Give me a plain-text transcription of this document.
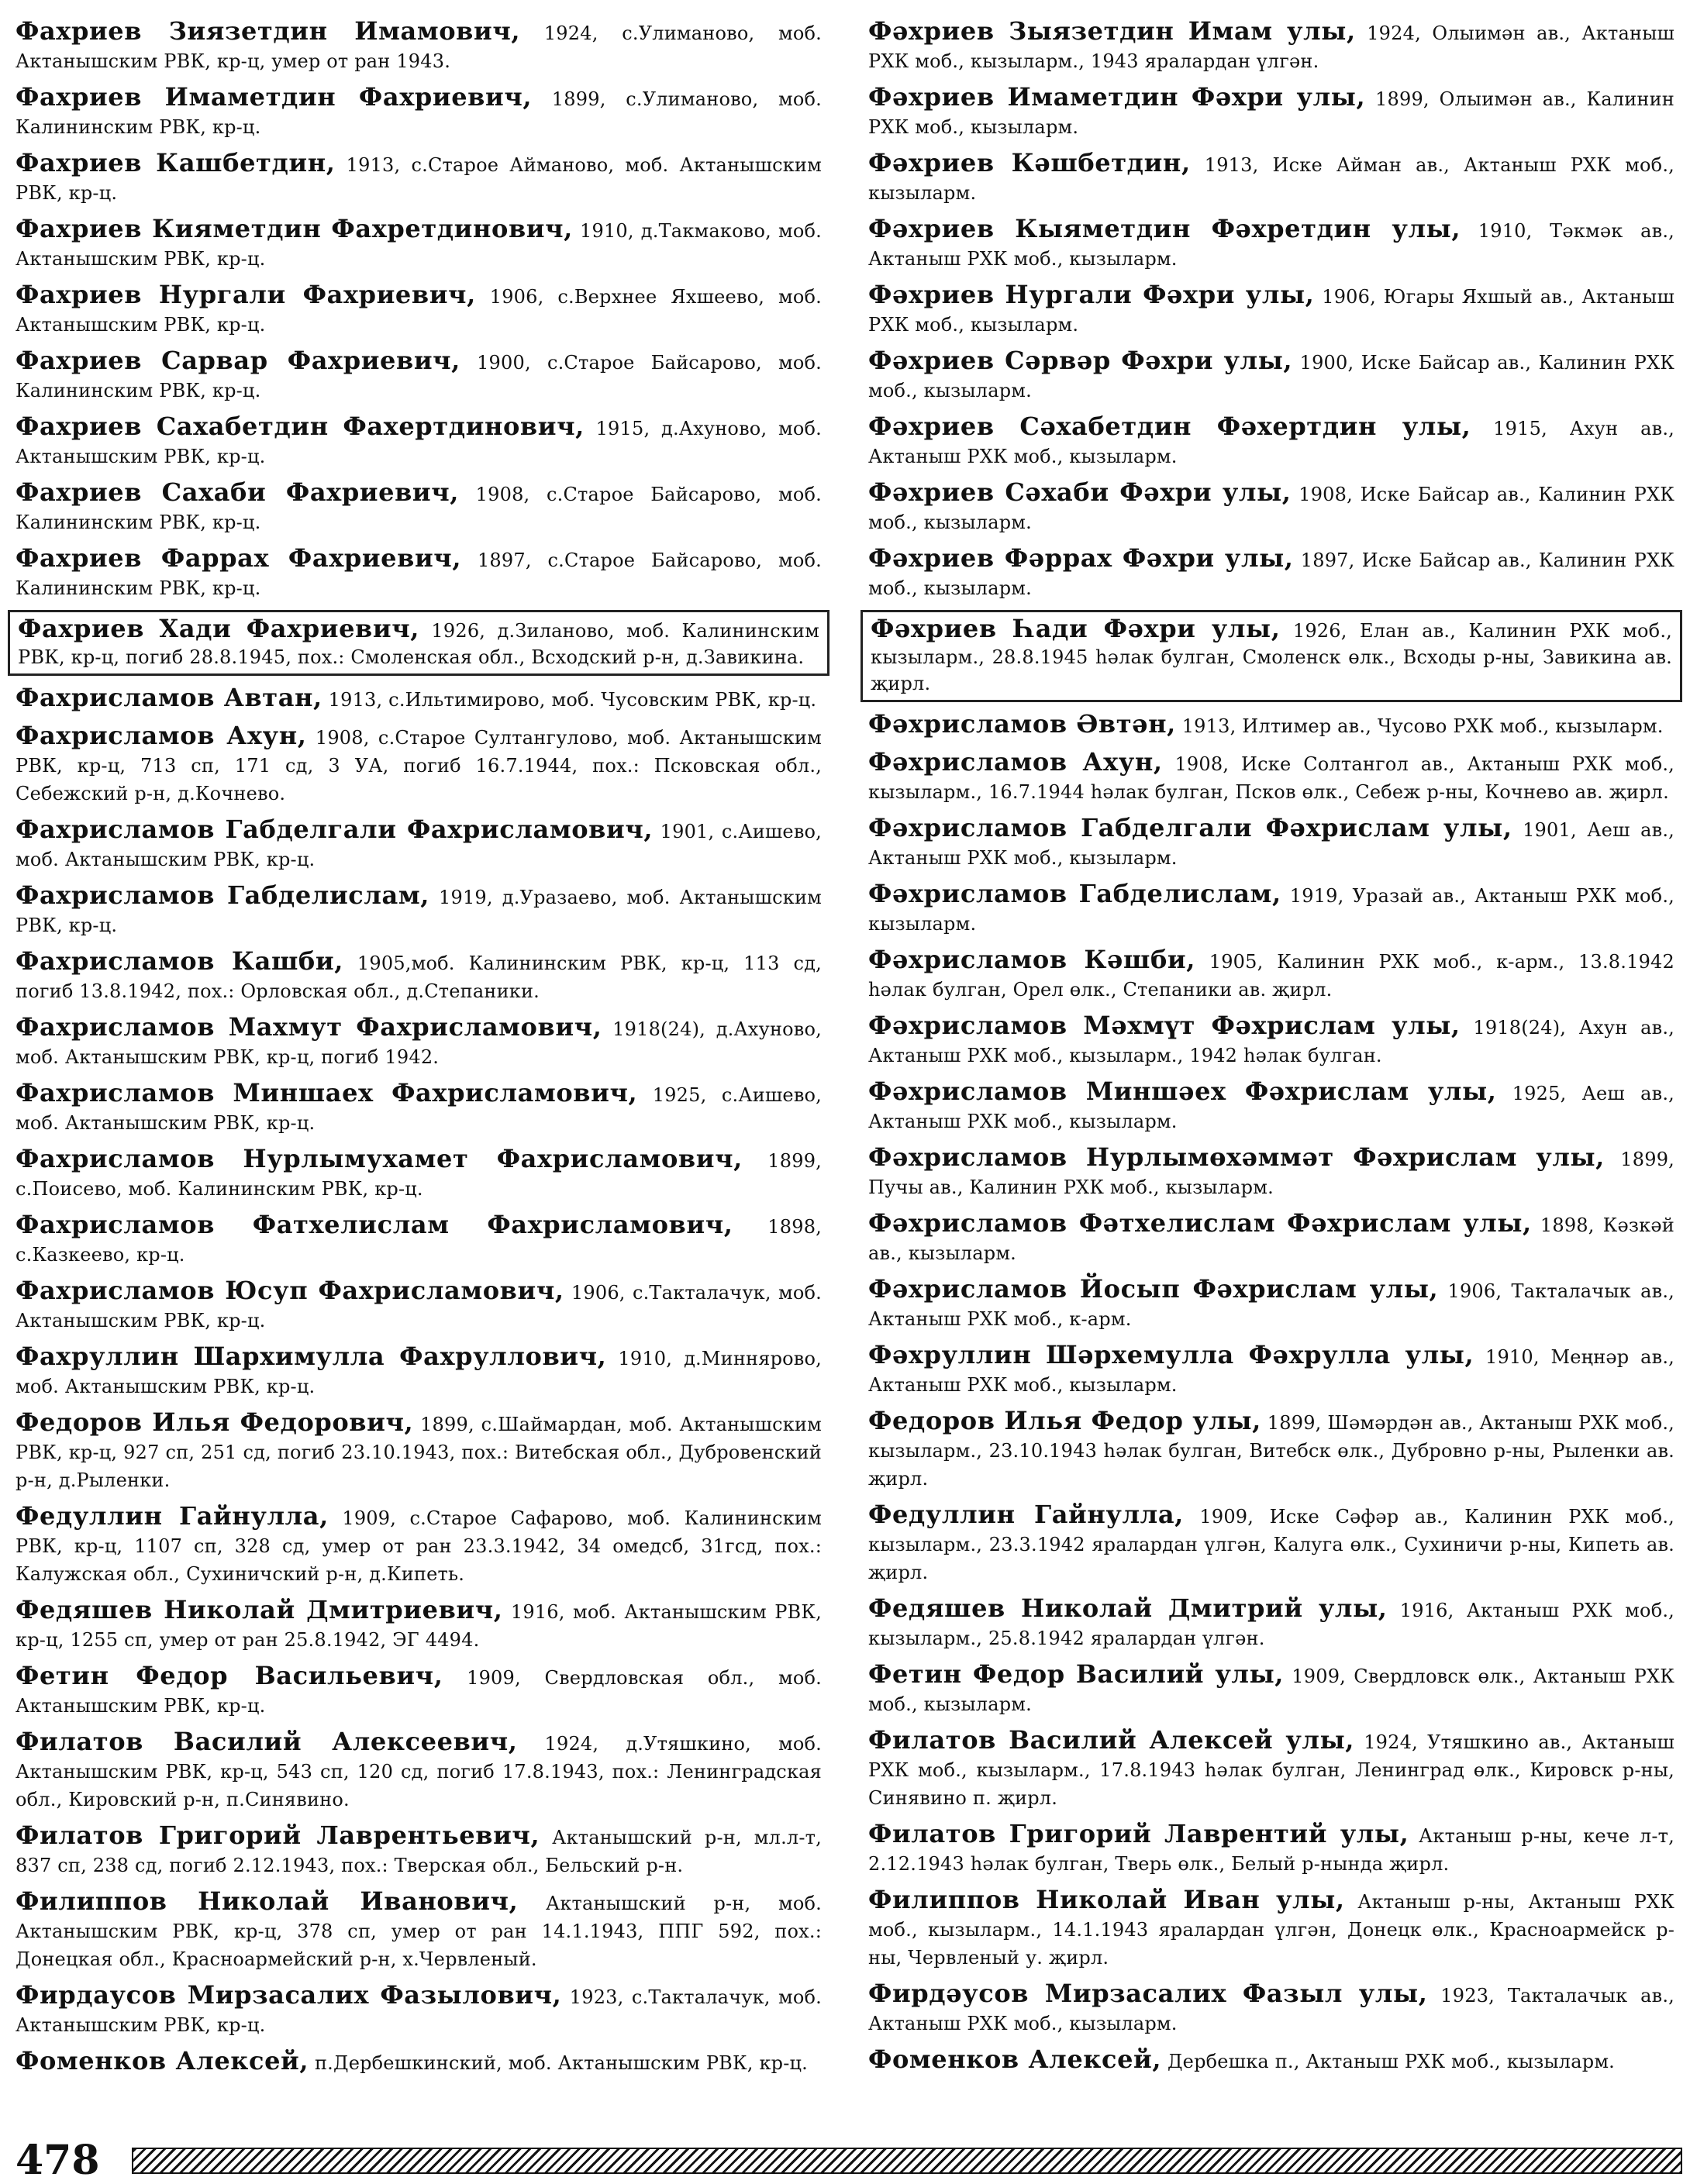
Фахриев Зиязетдин Имамович, 1924, с.Улиманово, моб. Актанышским РВК, кр-ц, умер от ран 1943.

Фахриев Имаметдин Фахриевич, 1899, с.Улиманово, моб. Калининским РВК, кр-ц.

Фахриев Кашбетдин, 1913, с.Старое Айманово, моб. Актанышским РВК, кр-ц.

Фахриев Кияметдин Фахретдинович, 1910, д.Такмаково, моб. Актанышским РВК, кр-ц.

Фахриев Нургали Фахриевич, 1906, с.Верхнее Яхшеево, моб. Актанышским РВК, кр-ц.

Фахриев Сарвар Фахриевич, 1900, с.Старое Байсарово, моб. Калининским РВК, кр-ц.

Фахриев Сахабетдин Фахертдинович, 1915, д.Ахуново, моб. Актанышским РВК, кр-ц.

Фахриев Сахаби Фахриевич, 1908, с.Старое Байсарово, моб. Калининским РВК, кр-ц.

Фахриев Фаррах Фахриевич, 1897, с.Старое Байсарово, моб. Калининским РВК, кр-ц.

Фахриев Хади Фахриевич, 1926, д.Зиланово, моб. Калининским РВК, кр-ц, погиб 28.8.1945, пох.: Смоленская обл., Всходский р-н, д.Завикина.

Фахрисламов Автан, 1913, с.Ильтимирово, моб. Чусовским РВК, кр-ц.

Фахрисламов Ахун, 1908, с.Старое Султангулово, моб. Актанышским РВК, кр-ц, 713 сп, 171 сд, 3 УА, погиб 16.7.1944, пох.: Псковская обл., Себежский р-н, д.Кочнево.

Фахрисламов Габделгали Фахрисламович, 1901, с.Аишево, моб. Актанышским РВК, кр-ц.

Фахрисламов Габделислам, 1919, д.Уразаево, моб. Актанышским РВК, кр-ц.

Фахрисламов Кашби, 1905,моб. Калининским РВК, кр-ц, 113 сд, погиб 13.8.1942, пох.: Орловская обл., д.Степаники.

Фахрисламов Махмут Фахрисламович, 1918(24), д.Ахуново, моб. Актанышским РВК, кр-ц, погиб 1942.

Фахрисламов Миншаех Фахрисламович, 1925, с.Аишево, моб. Актанышским РВК, кр-ц.

Фахрисламов Нурлымухамет Фахрисламович, 1899, с.Поисево, моб. Калининским РВК, кр-ц.

Фахрисламов Фатхелислам Фахрисламович, 1898, с.Казкеево, кр-ц.

Фахрисламов Юсуп Фахрисламович, 1906, с.Такталачук, моб. Актанышским РВК, кр-ц.

Фахруллин Шархимулла Фахруллович, 1910, д.Миннярово, моб. Актанышским РВК, кр-ц.

Федоров Илья Федорович, 1899, с.Шаймардан, моб. Актанышским РВК, кр-ц, 927 сп, 251 сд, погиб 23.10.1943, пох.: Витебская обл., Дубровенский р-н, д.Рыленки.

Федуллин Гайнулла, 1909, с.Старое Сафарово, моб. Калининским РВК, кр-ц, 1107 сп, 328 сд, умер от ран 23.3.1942, 34 омедсб, 31гсд, пох.: Калужская обл., Сухиничский р-н, д.Кипеть.

Федяшев Николай Дмитриевич, 1916, моб. Актанышским РВК, кр-ц, 1255 сп, умер от ран 25.8.1942, ЭГ 4494.

Фетин Федор Васильевич, 1909, Свердловская обл., моб. Актанышским РВК, кр-ц.

Филатов Василий Алексеевич, 1924, д.Утяшкино, моб. Актанышским РВК, кр-ц, 543 сп, 120 сд, погиб 17.8.1943, пох.: Ленинградская обл., Кировский р-н, п.Синявино.

Филатов Григорий Лаврентьевич, Актанышский р-н, мл.л-т, 837 сп, 238 сд, погиб 2.12.1943, пох.: Тверская обл., Бельский р-н.

Филиппов Николай Иванович, Актанышский р-н, моб. Актанышским РВК, кр-ц, 378 сп, умер от ран 14.1.1943, ППГ 592, пох.: Донецкая обл., Красноармейский р-н, х.Червленый.

Фирдаусов Мирзасалих Фазылович, 1923, с.Такталачук, моб. Актанышским РВК, кр-ц.

Фоменков Алексей, п.Дербешкинский, моб. Актанышским РВК, кр-ц.

Фәхриев Зыязетдин Имам улы, 1924, Олыимән ав., Актаныш РХК моб., кызыларм., 1943 яралардан үлгән.

Фәхриев Имаметдин Фәхри улы, 1899, Олыимән ав., Калинин РХК моб., кызыларм.

Фәхриев Кәшбетдин, 1913, Иске Айман ав., Актаныш РХК моб., кызыларм.

Фәхриев Кыяметдин Фәхретдин улы, 1910, Тәкмәк ав., Актаныш РХК моб., кызыларм.

Фәхриев Нургали Фәхри улы, 1906, Югары Яхшый ав., Актаныш РХК моб., кызыларм.

Фәхриев Сәрвәр Фәхри улы, 1900, Иске Байсар ав., Калинин РХК моб., кызыларм.

Фәхриев Сәхабетдин Фәхертдин улы, 1915, Ахун ав., Актаныш РХК моб., кызыларм.

Фәхриев Сәхаби Фәхри улы, 1908, Иске Байсар ав., Калинин РХК моб., кызыларм.

Фәхриев Фәррах Фәхри улы, 1897, Иске Байсар ав., Калинин РХК моб., кызыларм.

Фәхриев Һади Фәхри улы, 1926, Елан ав., Калинин РХК моб., кызыларм., 28.8.1945 һәлак булган, Смоленск өлк., Всходы р-ны, Завикина ав. җирл.

Фәхрисламов Әвтән, 1913, Илтимер ав., Чусово РХК моб., кызыларм.

Фәхрисламов Ахун, 1908, Иске Солтангол ав., Актаныш РХК моб., кызыларм., 16.7.1944 һәлак булган, Псков өлк., Себеж р-ны, Кочнево ав. җирл.

Фәхрисламов Габделгали Фәхрислам улы, 1901, Аеш ав., Актаныш РХК моб., кызыларм.

Фәхрисламов Габделислам, 1919, Уразай ав., Актаныш РХК моб., кызыларм.

Фәхрисламов Кәшби, 1905, Калинин РХК моб., к-арм., 13.8.1942 һәлак булган, Орел өлк., Степаники ав. җирл.

Фәхрисламов Мәхмүт Фәхрислам улы, 1918(24), Ахун ав., Актаныш РХК моб., кызыларм., 1942 һәлак булган.

Фәхрисламов Миншәех Фәхрислам улы, 1925, Аеш ав., Актаныш РХК моб., кызыларм.

Фәхрисламов Нурлымөхәммәт Фәхрислам улы, 1899, Пучы ав., Калинин РХК моб., кызыларм.

Фәхрисламов Фәтхелислам Фәхрислам улы, 1898, Кәзкәй ав., кызыларм.

Фәхрисламов Йосып Фәхрислам улы, 1906, Такталачык ав., Актаныш РХК моб., к-арм.

Фәхруллин Шәрхемулла Фәхрулла улы, 1910, Меңнәр ав., Актаныш РХК моб., кызыларм.

Федоров Илья Федор улы, 1899, Шәмәрдән ав., Актаныш РХК моб., кызыларм., 23.10.1943 һәлак булган, Витебск өлк., Дубровно р-ны, Рыленки ав. җирл.

Федуллин Гайнулла, 1909, Иске Сәфәр ав., Калинин РХК моб., кызыларм., 23.3.1942 яралардан үлгән, Калуга өлк., Сухиничи р-ны, Кипеть ав. җирл.

Федяшев Николай Дмитрий улы, 1916, Актаныш РХК моб., кызыларм., 25.8.1942 яралардан үлгән.

Фетин Федор Василий улы, 1909, Свердловск өлк., Актаныш РХК моб., кызыларм.

Филатов Василий Алексей улы, 1924, Утяшкино ав., Актаныш РХК моб., кызыларм., 17.8.1943 һәлак булган, Ленинград өлк., Кировск р-ны, Синявино п. җирл.

Филатов Григорий Лаврентий улы, Актаныш р-ны, кече л-т, 2.12.1943 һәлак булган, Тверь өлк., Белый р-нында җирл.

Филиппов Николай Иван улы, Актаныш р-ны, Актаныш РХК моб., кызыларм., 14.1.1943 яралардан үлгән, Донецк өлк., Красноармейск р-ны, Червленый у. җирл.

Фирдәусов Мирзасалих Фазыл улы, 1923, Такталачык ав., Актаныш РХК моб., кызыларм.

Фоменков Алексей, Дербешка п., Актаныш РХК моб., кызыларм.

478
